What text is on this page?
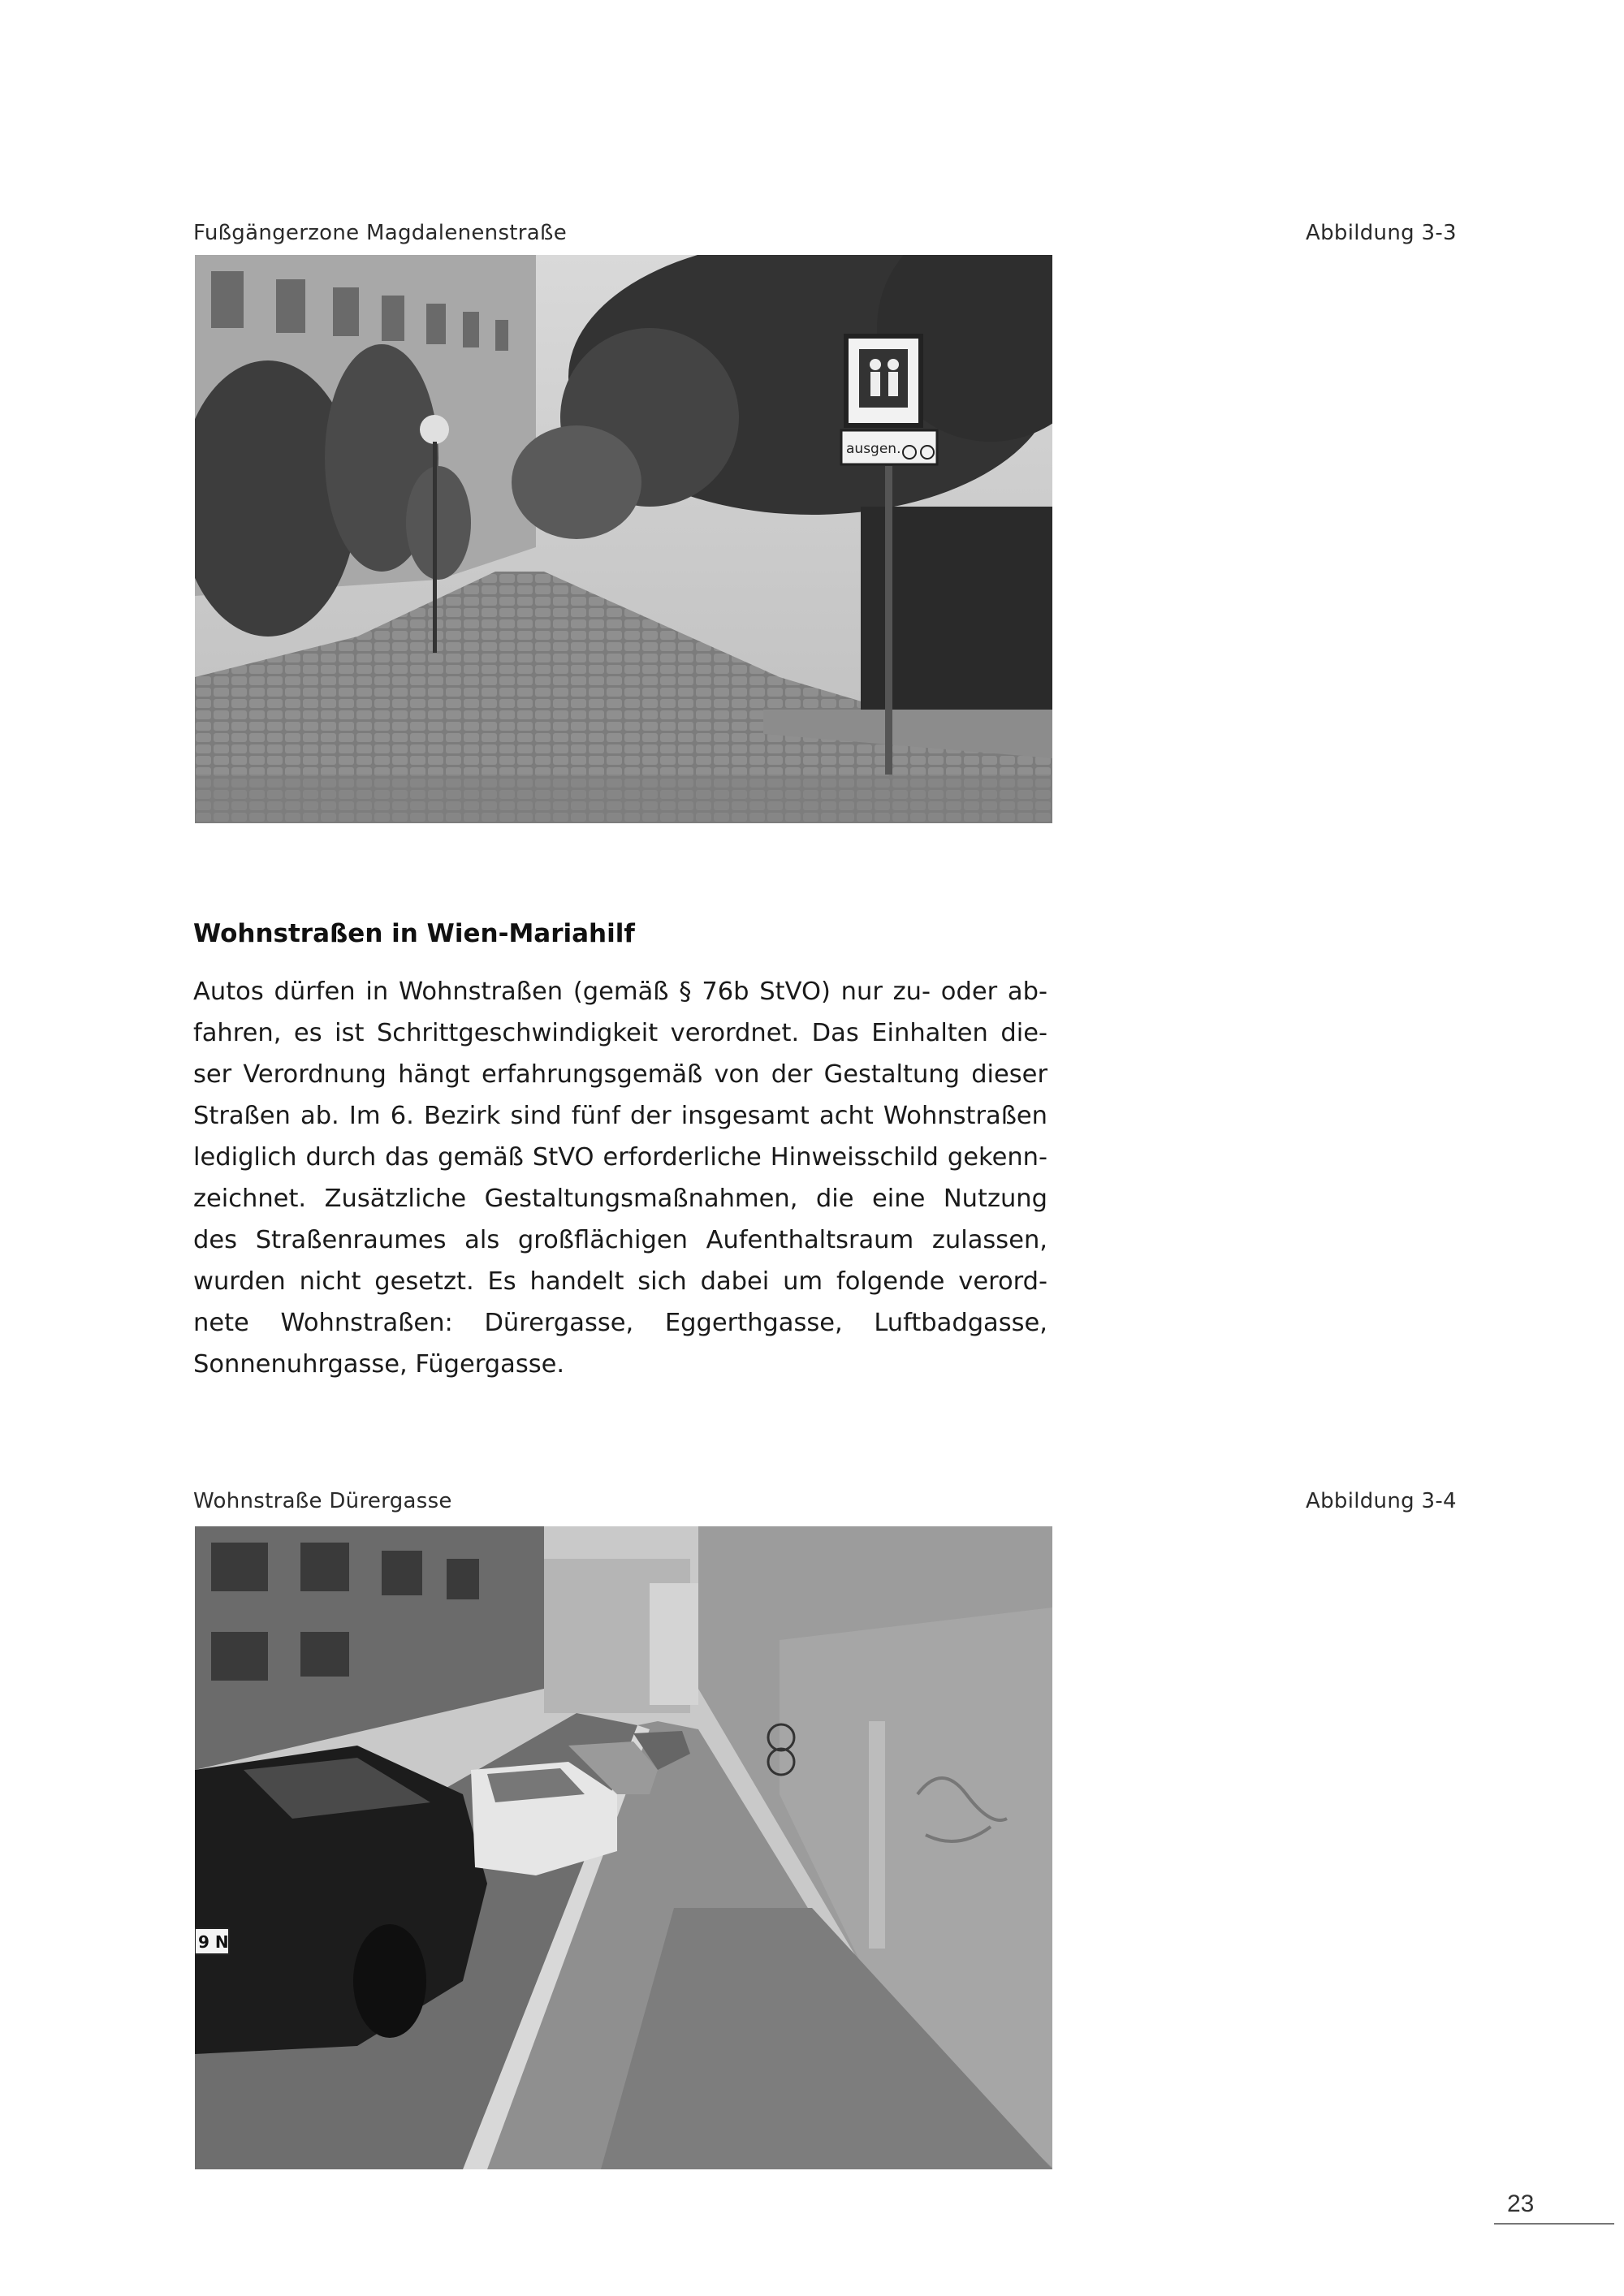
Fußgängerzone Magdalenenstraße	Abbildung 3-3
ausgen.
Wohnstraßen in Wien-Mariahilf
Autos dürfen in Wohnstraßen (gemäß § 76b StVO) nur zu- oder ab-
fahren, es ist Schrittgeschwindigkeit verordnet. Das Einhalten die-
ser Verordnung hängt erfahrungsgemäß von der Gestaltung dieser
Straßen ab. Im 6. Bezirk sind fünf der insgesamt acht Wohnstraßen
lediglich durch das gemäß StVO erforderliche Hinweisschild gekenn-
zeichnet. Zusätzliche Gestaltungsmaßnahmen, die eine Nutzung
des Straßenraumes als großflächigen Aufenthaltsraum zulassen,
wurden nicht gesetzt. Es handelt sich dabei um folgende verord-
nete Wohnstraßen: Dürergasse, Eggerthgasse, Luftbadgasse,
Sonnenuhrgasse, Fügergasse.
Wohnstraße Dürergasse	Abbildung 3-4
9 N
23
